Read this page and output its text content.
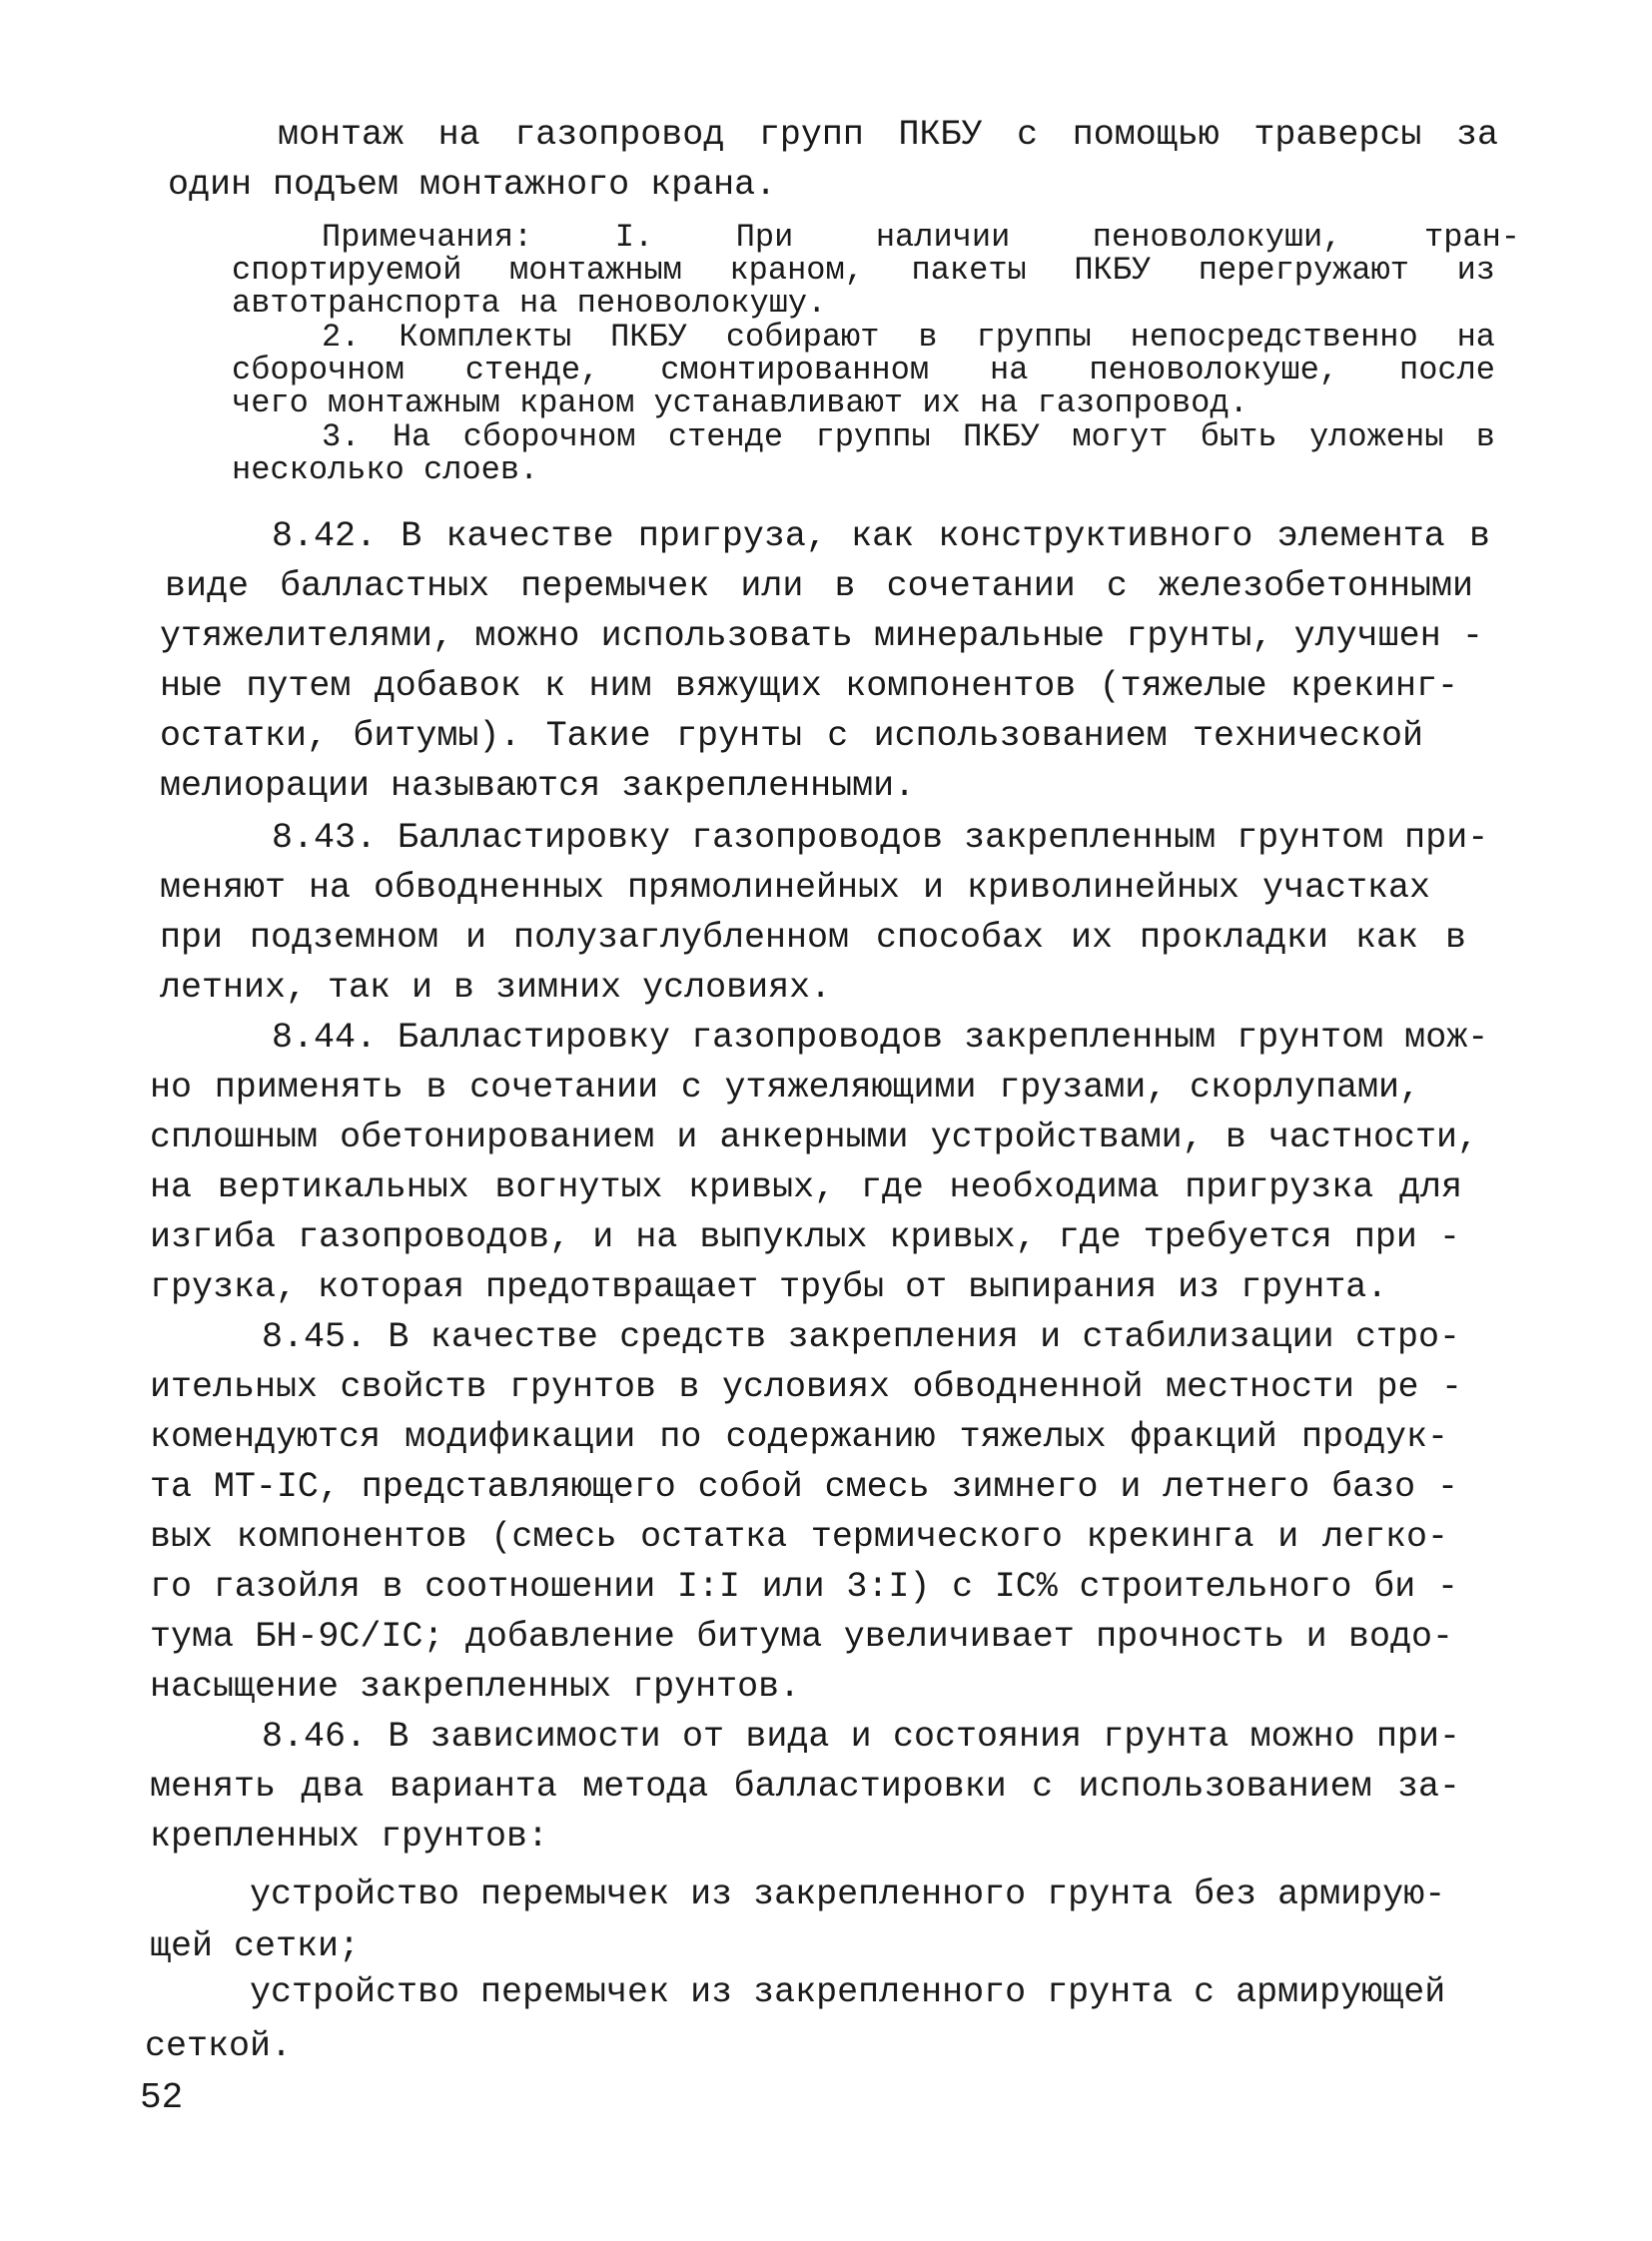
монтаж на газопровод групп ПКБУ с помощью траверсы за
один подъем монтажного крана.
Примечания: I. При наличии пеноволокуши, тран-
спортируемой монтажным краном, пакеты ПКБУ перегружают из
автотранспорта на пеноволокушу.
2. Комплекты ПКБУ собирают в группы непосредственно на
сборочном стенде, смонтированном на пеноволокуше, после
чего монтажным краном устанавливают их на газопровод.
3. На сборочном стенде группы ПКБУ могут быть уложены в
несколько слоев.
8.42. В качестве пригруза, как конструктивного элемента в
виде балластных перемычек или в сочетании с железобетонными
утяжелителями, можно использовать минеральные грунты, улучшен -
ные путем добавок к ним вяжущих компонентов (тяжелые крекинг-
остатки, битумы). Такие грунты с использованием технической
мелиорации называются закрепленными.
8.43. Балластировку газопроводов закрепленным грунтом при-
меняют на обводненных прямолинейных и криволинейных участках
при подземном и полузаглубленном способах их прокладки как в
летних, так и в зимних условиях.
8.44. Балластировку газопроводов закрепленным грунтом мож-
но применять в сочетании с утяжеляющими грузами, скорлупами,
сплошным обетонированием и анкерными устройствами, в частности,
на вертикальных вогнутых кривых, где необходима пригрузка для
изгиба газопроводов, и на выпуклых кривых, где требуется при -
грузка, которая предотвращает трубы от выпирания из грунта.
8.45. В качестве средств закрепления и стабилизации стро-
ительных свойств грунтов в условиях обводненной местности ре -
комендуются модификации по содержанию тяжелых фракций продук-
та МТ-IC, представляющего собой смесь зимнего и летнего базо -
вых компонентов (смесь остатка термического крекинга и легко-
го газойля в соотношении I:I или 3:I) с IC% строительного би -
тума БН-9C/IC; добавление битума увеличивает прочность и водо-
насыщение закрепленных грунтов.
8.46. В зависимости от вида и состояния грунта можно при-
менять два варианта метода балластировки с использованием за-
крепленных грунтов:
устройство перемычек из закрепленного грунта без армирую-
щей сетки;
устройство перемычек из закрепленного грунта с армирующей
сеткой.
52
